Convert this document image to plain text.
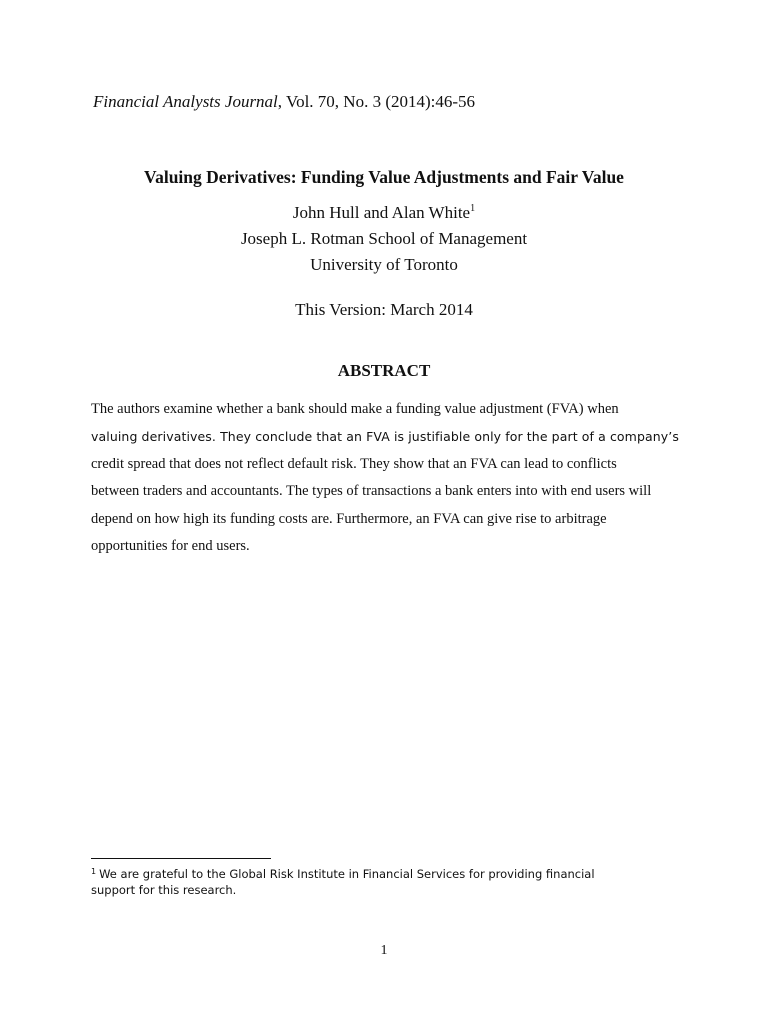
Financial Analysts Journal, Vol. 70, No. 3 (2014):46-56
Valuing Derivatives: Funding Value Adjustments and Fair Value
John Hull and Alan White$^1$
Joseph L. Rotman School of Management
University of Toronto
This Version: March 2014
ABSTRACT
The authors examine whether a bank should make a funding value adjustment (FVA) when
valuing derivatives. They conclude that an FVA is justifiable only for the part of a company’s
credit spread that does not reflect default risk. They show that an FVA can lead to conflicts
between traders and accountants. The types of transactions a bank enters into with end users will
depend on how high its funding costs are. Furthermore, an FVA can give rise to arbitrage
opportunities for end users.
$^1$ We are grateful to the Global Risk Institute in Financial Services for providing financial
support for this research.
1
